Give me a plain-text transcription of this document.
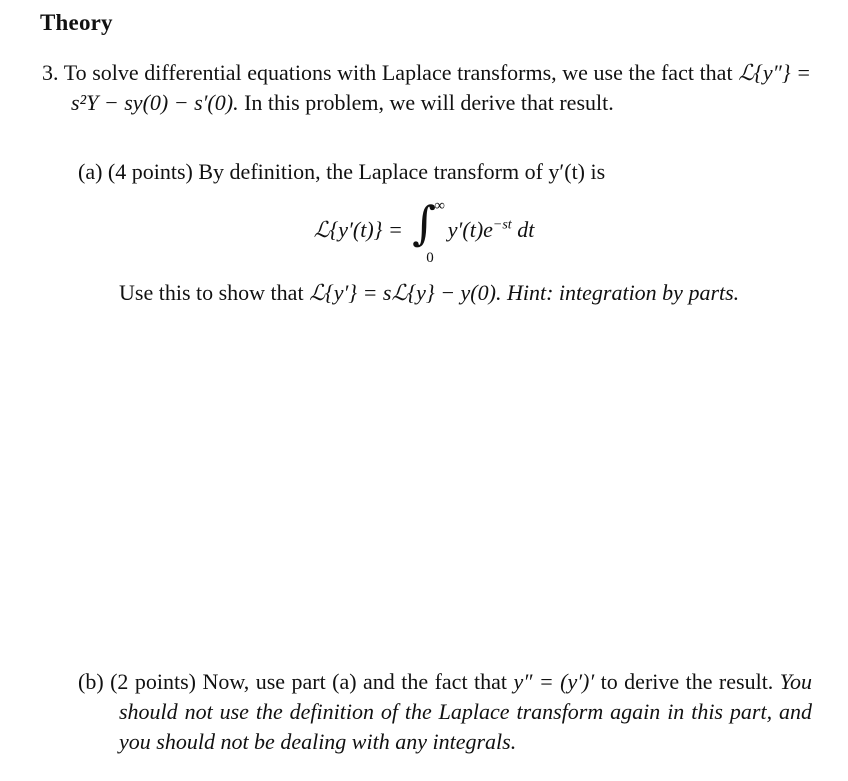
Theory
3. To solve differential equations with Laplace transforms, we use the fact that ℒ{y″} = s²Y − sy(0) − s′(0). In this problem, we will derive that result.
(a) (4 points) By definition, the Laplace transform of y′(t) is
ℒ{y′(t)} = ∫
∞
0
$y'(t)e^{-st}$ dt
Use this to show that ℒ{y′} = sℒ{y} − y(0). Hint: integration by parts.
(b) (2 points) Now, use part (a) and the fact that y″ = (y′)′ to derive the result. You should not use the definition of the Laplace transform again in this part, and you should not be dealing with any integrals.
